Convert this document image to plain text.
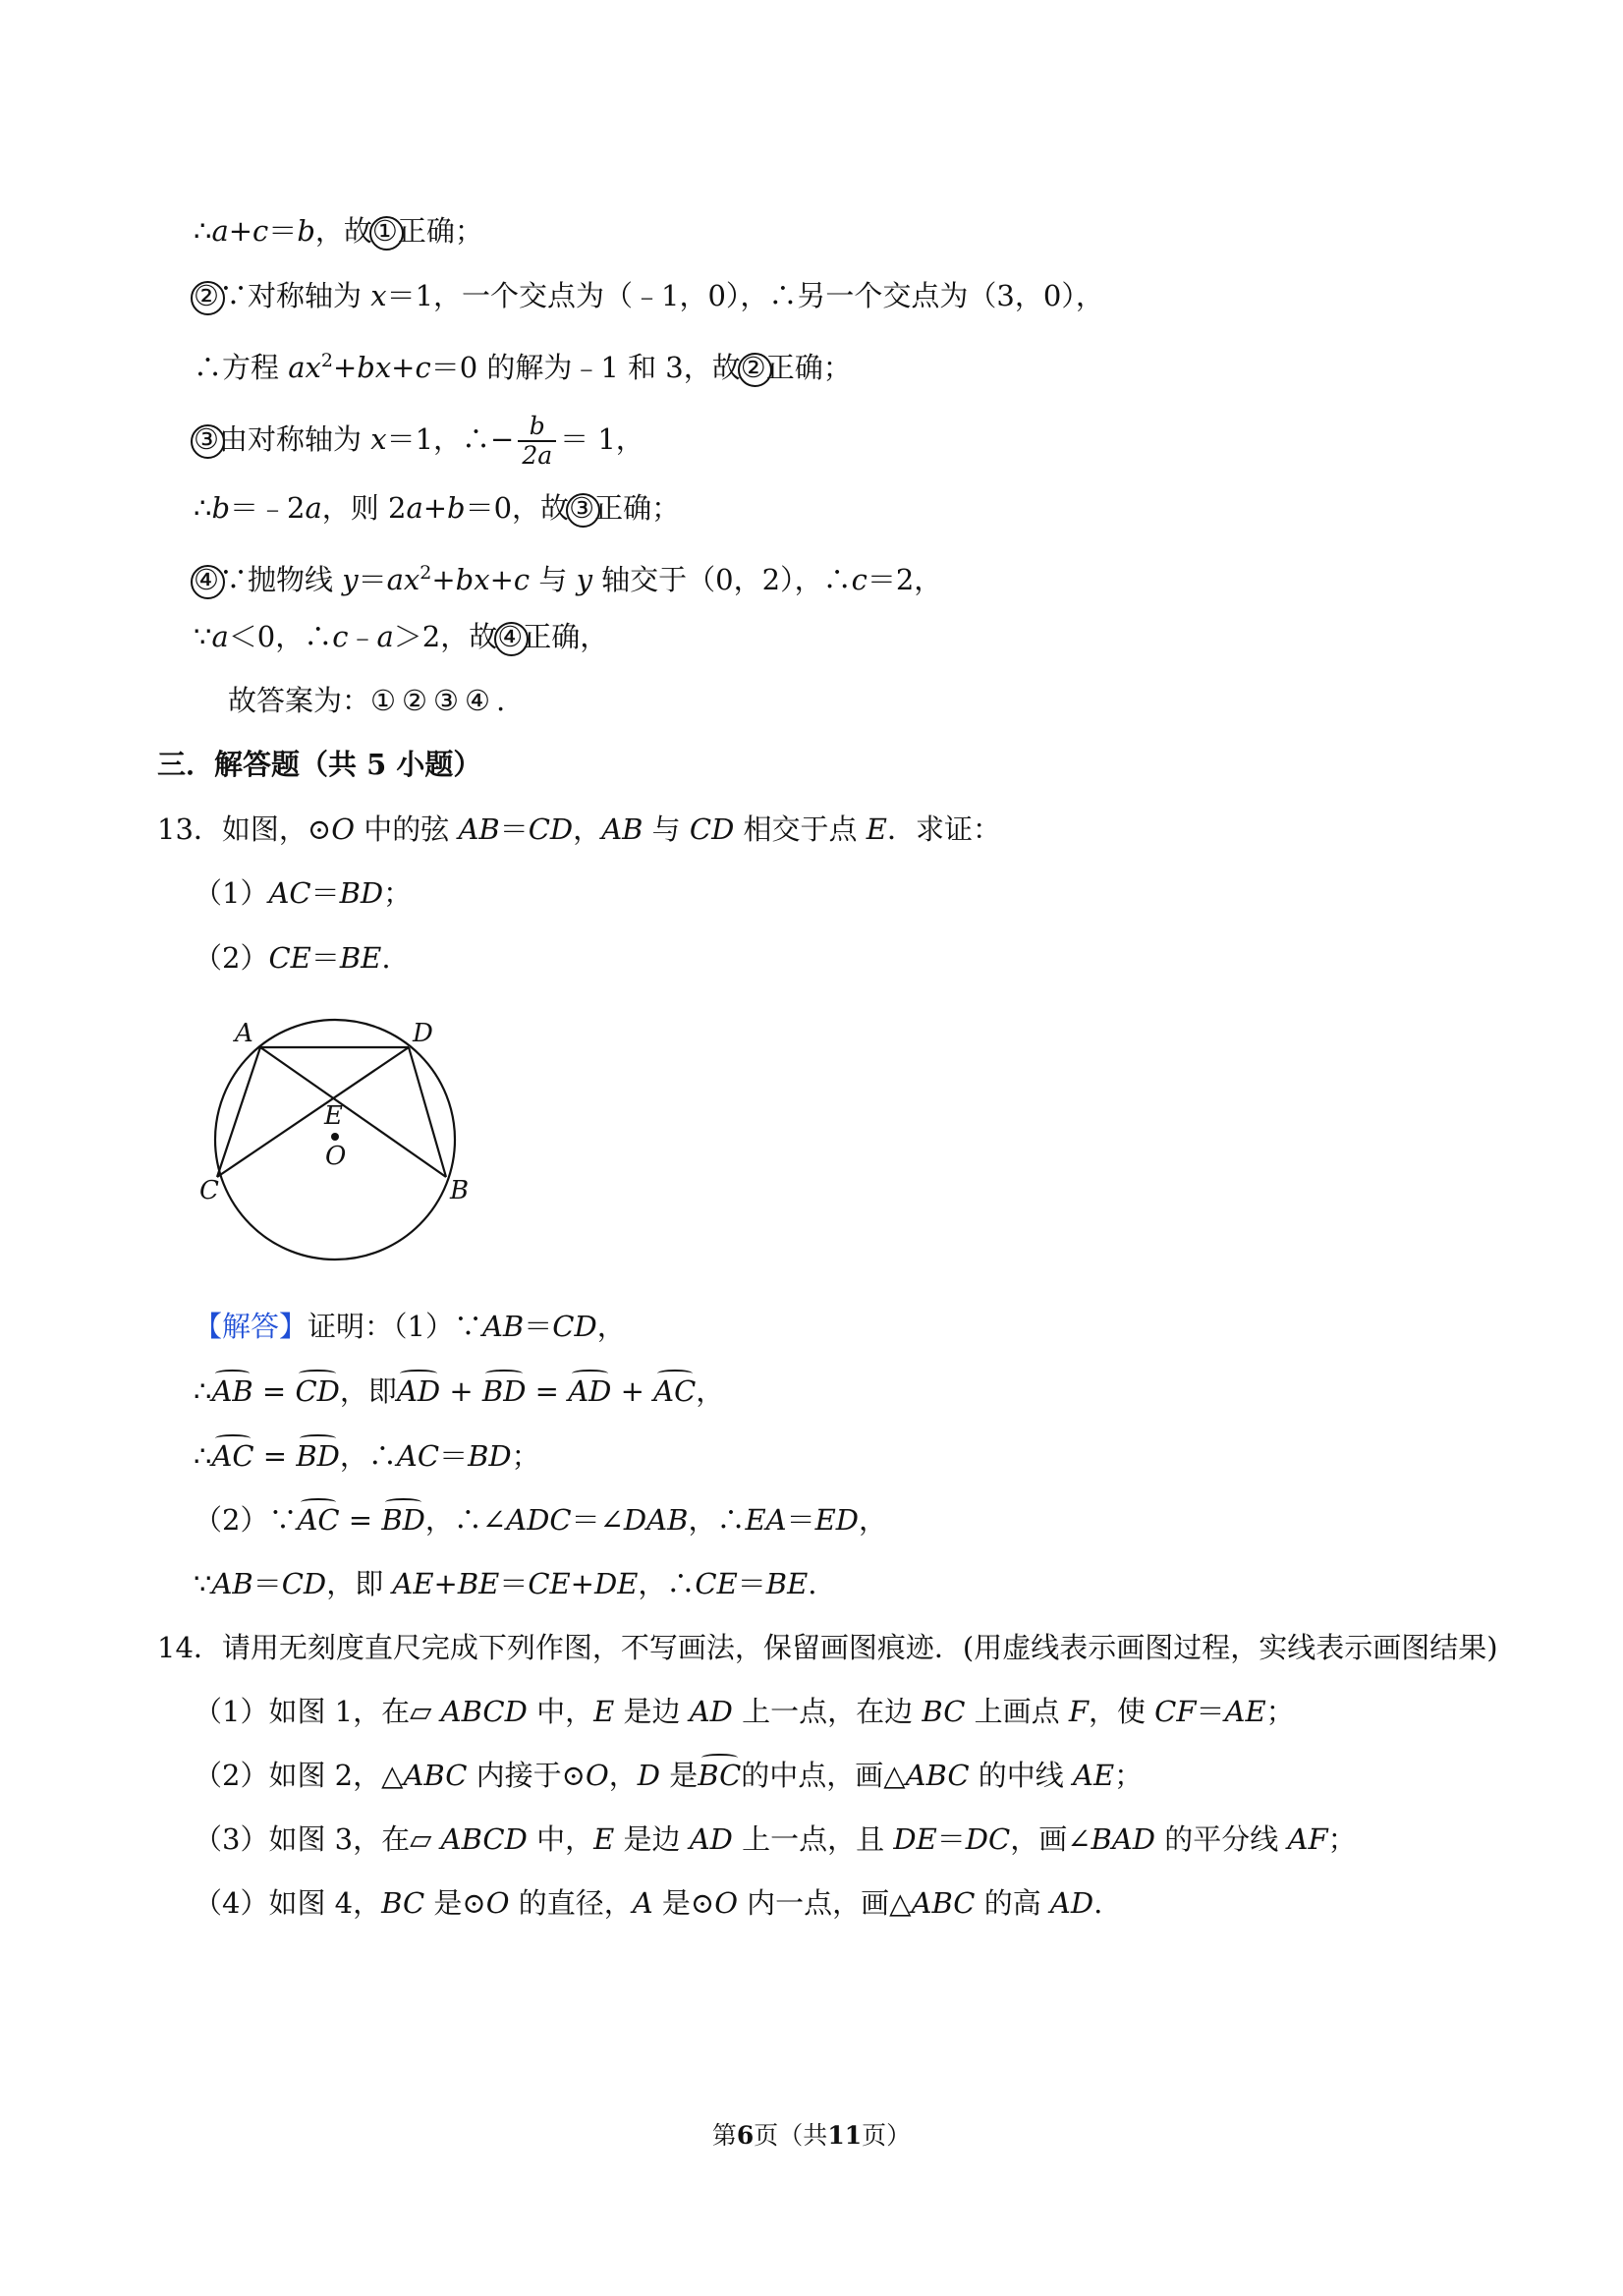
∴a+c＝b，故①正确；
②∵对称轴为 x＝1，一个交点为（﹣1，0），∴另一个交点为（3，0），
∴方程 $ax^2+bx+c=0$ 的解为﹣1 和 3，故②正确；
③由对称轴为 x＝1，∴− $\frac{b}{2a} = 1$，
∴b＝﹣2a，则 2a+b＝0，故③正确；
④∵抛物线 $y=ax^2+bx+c$ 与 y 轴交于（0，2），∴c＝2，
∵a＜0，∴c﹣a＞2，故④正确，
故答案为：①②③④.
三．解答题（共 5 小题）
13．如图，⊙O 中的弦 AB＝CD，AB 与 CD 相交于点 E．求证：
（1）AC＝BD；
（2）CE＝BE.
A	D
E
O
C	B
【解答】证明：（1）∵AB＝CD，
∴AB = CD，即AD + BD = AD + AC，
∴AC = BD，∴AC＝BD；
（2）∵AC = BD，∴∠ADC＝∠DAB，∴EA＝ED，
∵AB＝CD，即 AE+BE＝CE+DE，∴CE＝BE.
14．请用无刻度直尺完成下列作图，不写画法，保留画图痕迹．(用虚线表示画图过程，实线表示画图结果)
（1）如图 1，在▱ ABCD 中，E 是边 AD 上一点，在边 BC 上画点 F，使 CF＝AE；
（2）如图 2，△ABC 内接于⊙O，D 是BC的中点，画△ABC 的中线 AE；
（3）如图 3，在▱ ABCD 中，E 是边 AD 上一点，且 DE＝DC，画∠BAD 的平分线 AF；
（4）如图 4，BC 是⊙O 的直径，A 是⊙O 内一点，画△ABC 的高 AD.
第6页（共11页）
